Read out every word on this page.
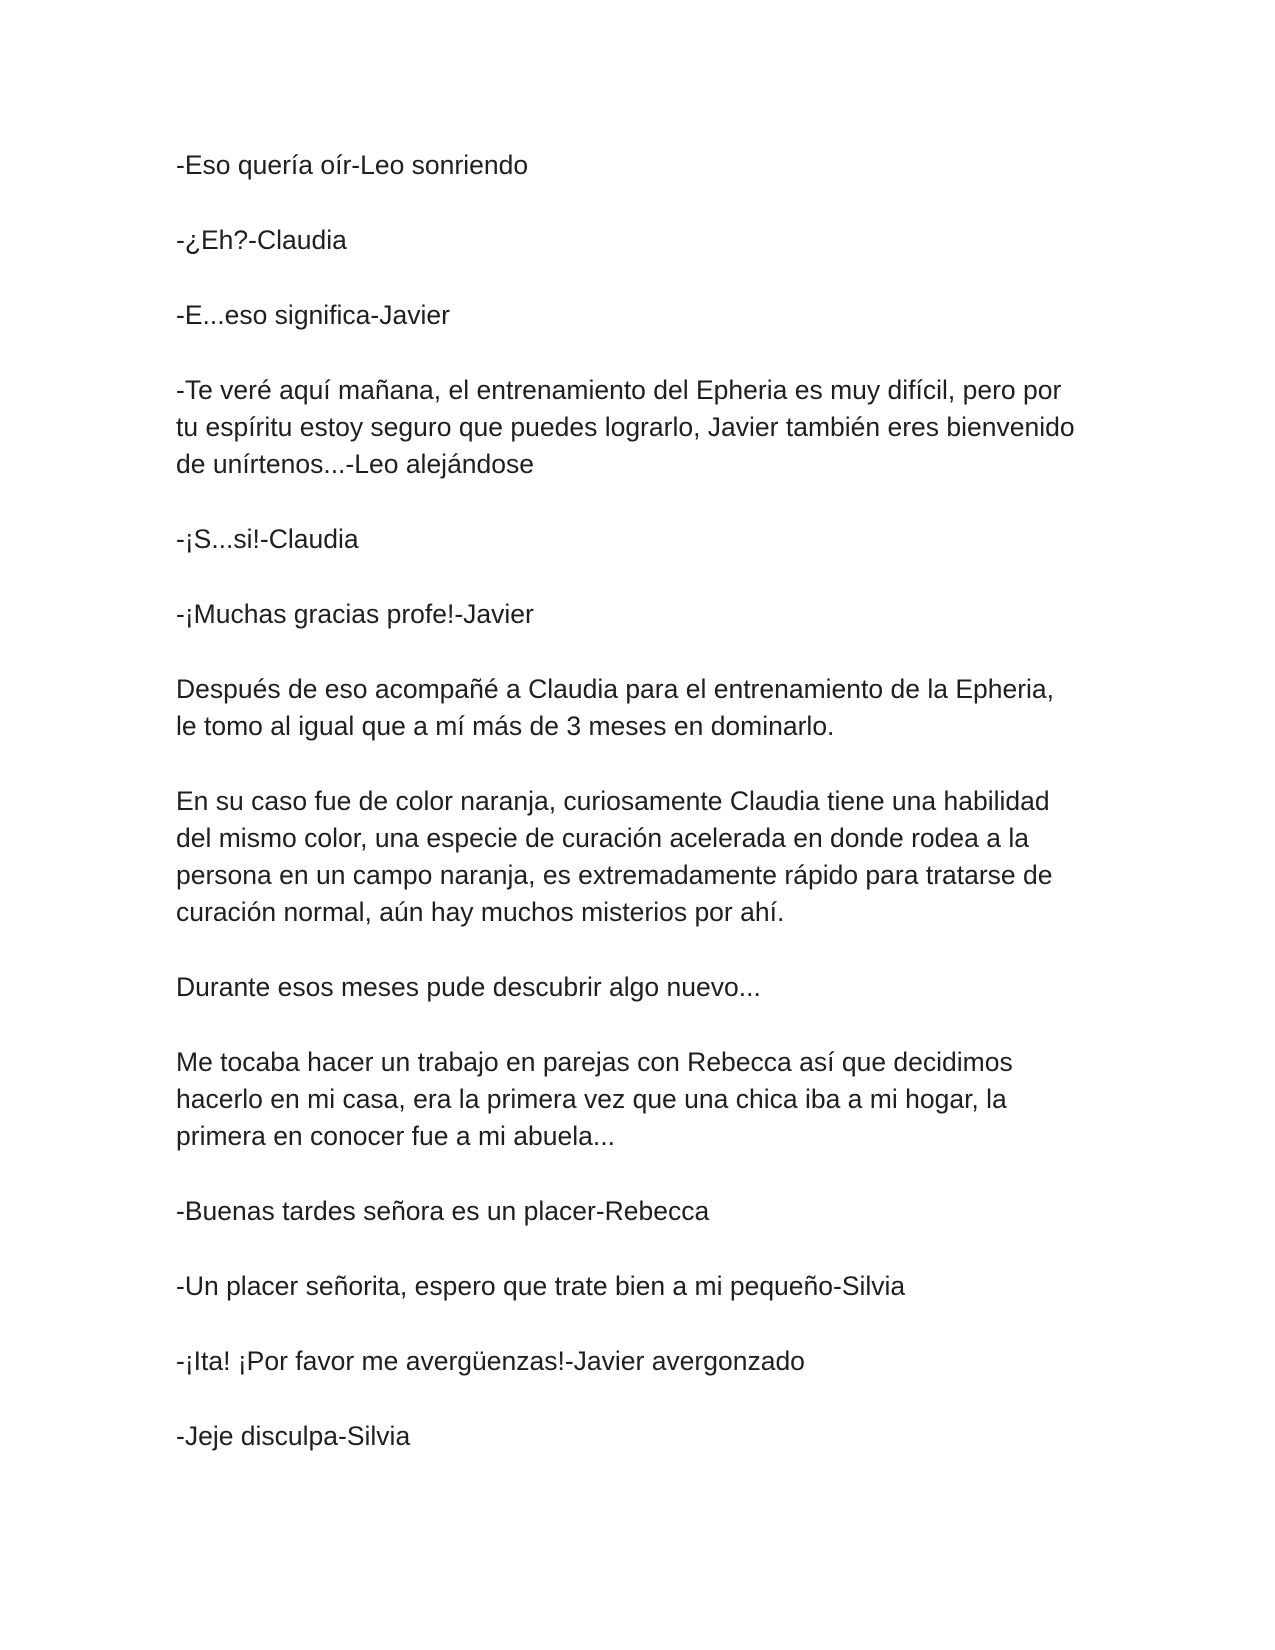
-Eso quería oír-Leo sonriendo

-¿Eh?-Claudia

-E...eso significa-Javier

-Te veré aquí mañana, el entrenamiento del Epheria es muy difícil, pero por tu espíritu estoy seguro que puedes lograrlo, Javier también eres bienvenido de unírtenos...-Leo alejándose

-¡S...si!-Claudia

-¡Muchas gracias profe!-Javier

Después de eso acompañé a Claudia para el entrenamiento de la Epheria, le tomo al igual que a mí más de 3 meses en dominarlo.

En su caso fue de color naranja, curiosamente Claudia tiene una habilidad del mismo color, una especie de curación acelerada en donde rodea a la persona en un campo naranja, es extremadamente rápido para tratarse de curación normal, aún hay muchos misterios por ahí.

Durante esos meses pude descubrir algo nuevo...

Me tocaba hacer un trabajo en parejas con Rebecca así que decidimos hacerlo en mi casa, era la primera vez que una chica iba a mi hogar, la primera en conocer fue a mi abuela...

-Buenas tardes señora es un placer-Rebecca

-Un placer señorita, espero que trate bien a mi pequeño-Silvia

-¡Ita! ¡Por favor me avergüenzas!-Javier avergonzado

-Jeje disculpa-Silvia
